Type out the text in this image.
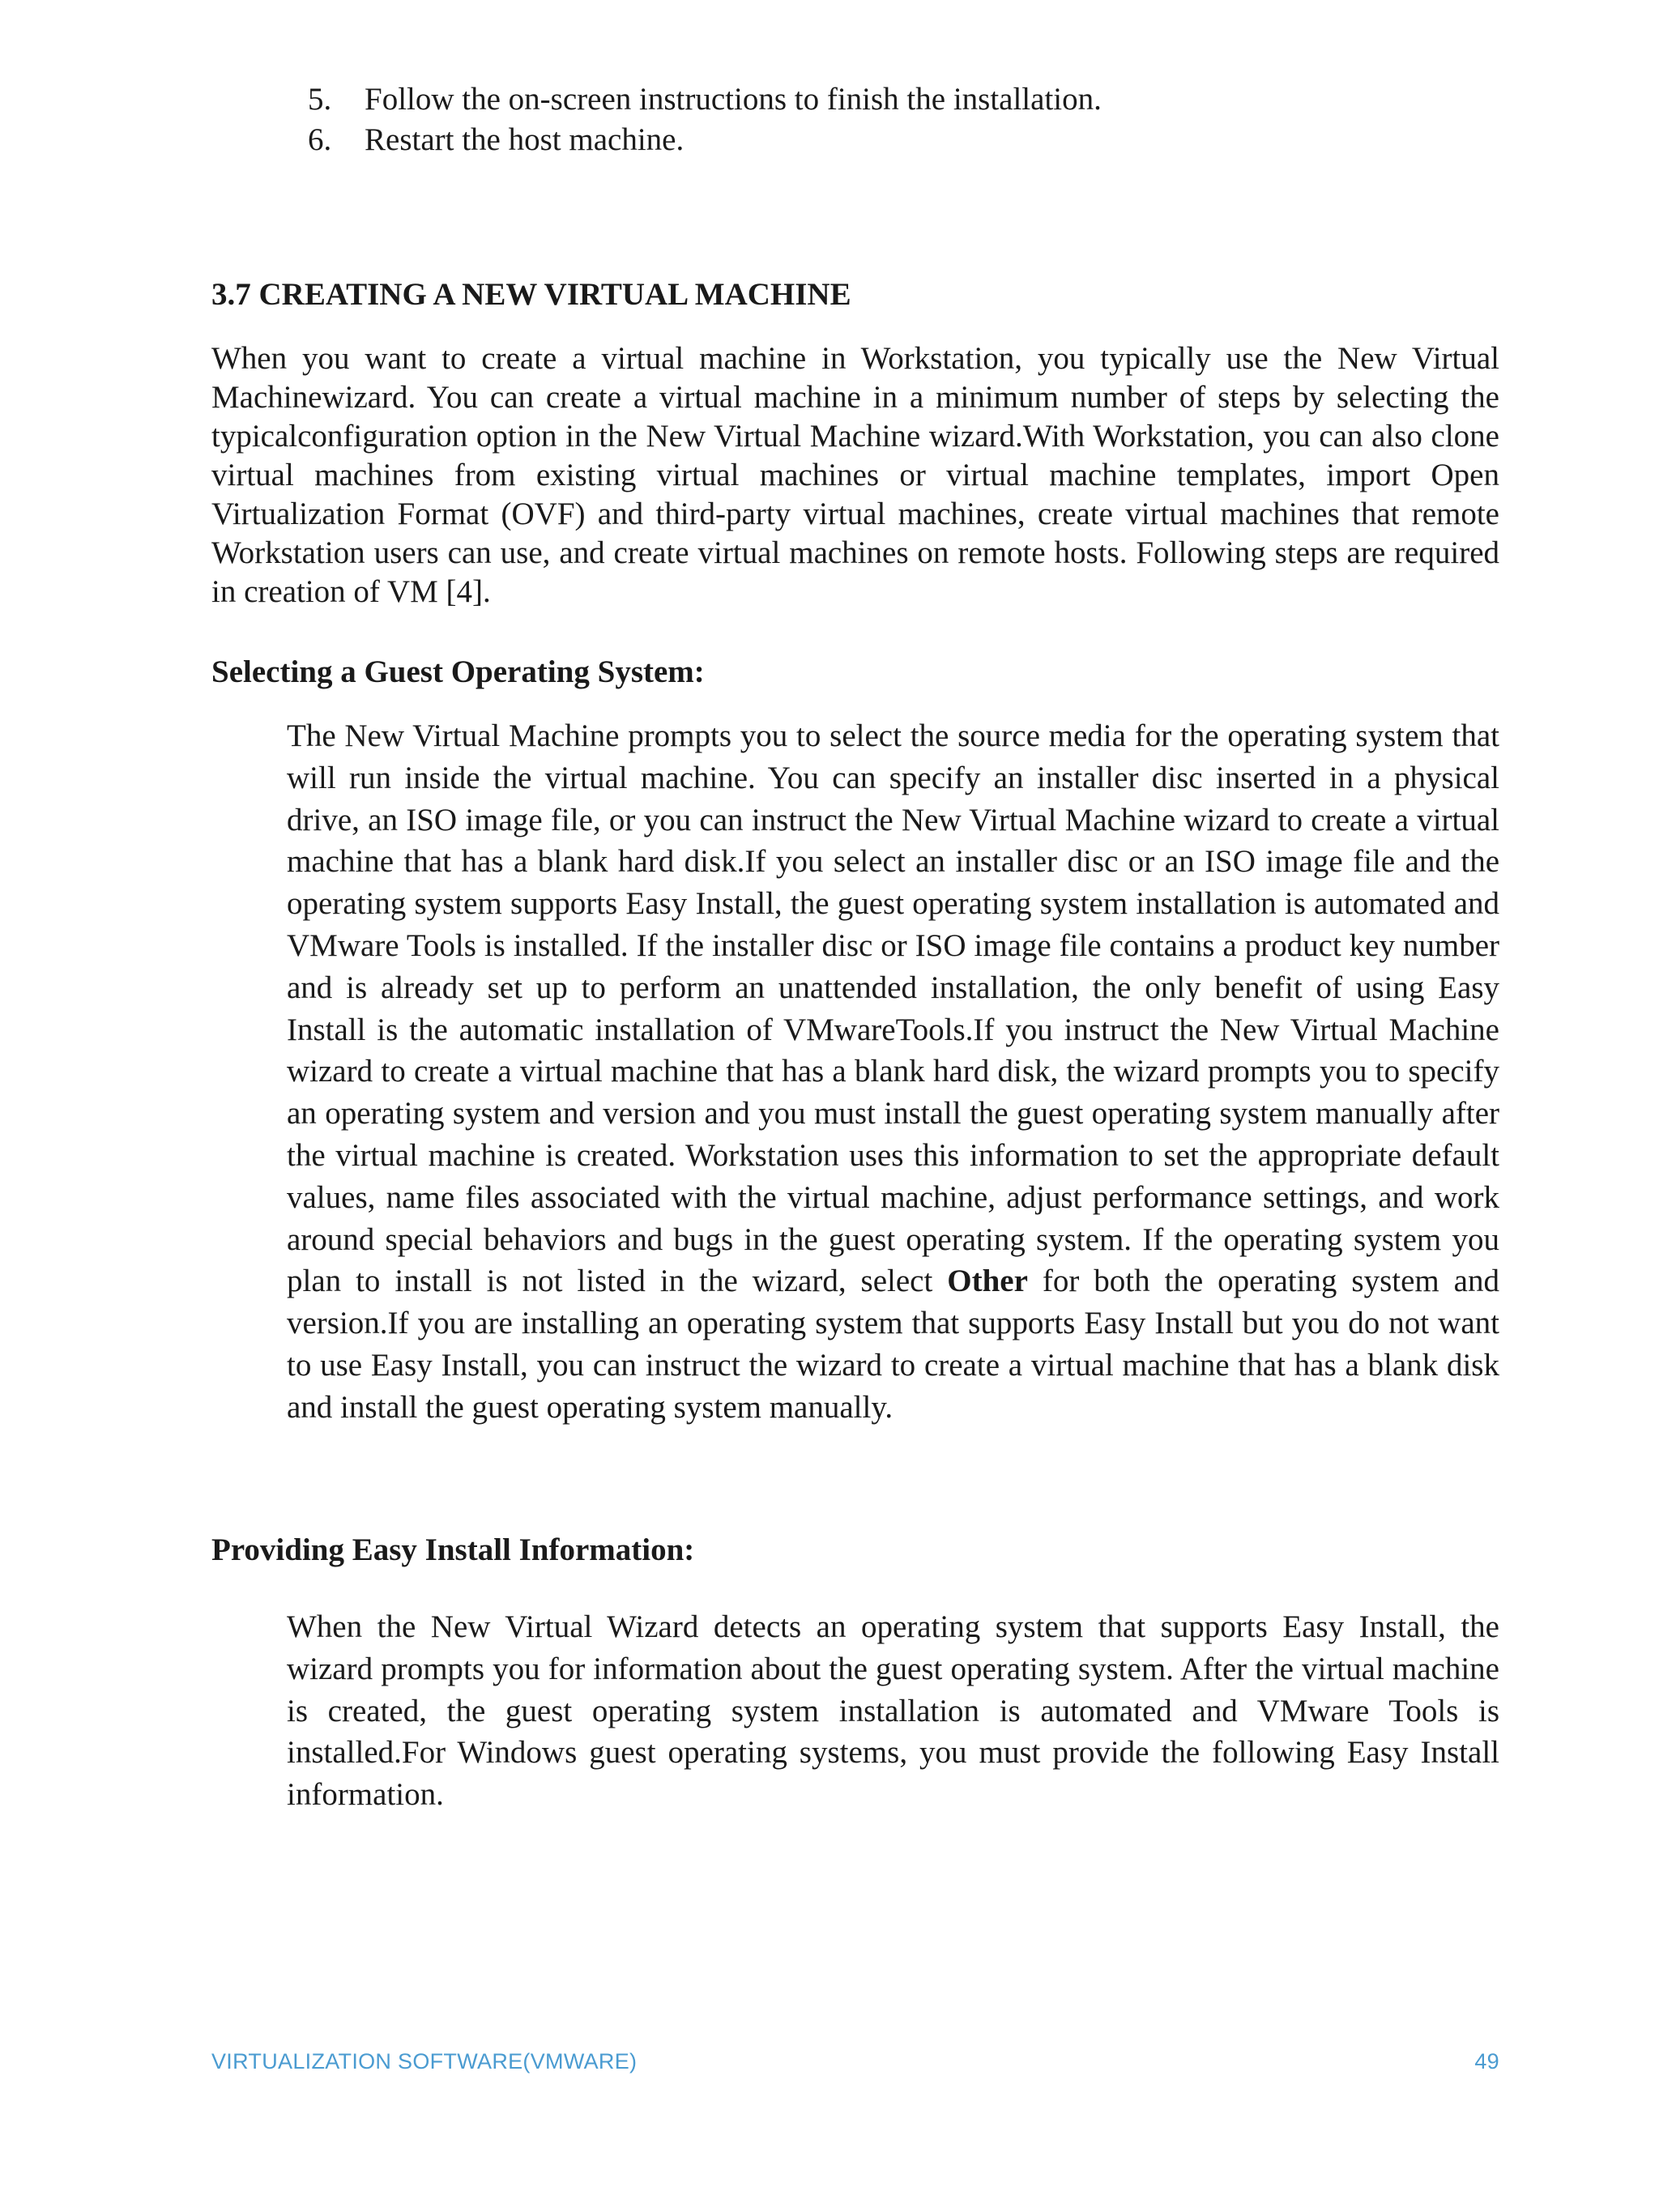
5. Follow the on-screen instructions to finish the installation.
6. Restart the host machine.
3.7 CREATING A NEW VIRTUAL MACHINE

When you want to create a virtual machine in Workstation, you typically use the New Virtual Machinewizard. You can create a virtual machine in a minimum number of steps by selecting the typicalconfiguration option in the New Virtual Machine wizard.With Workstation, you can also clone virtual machines from existing virtual machines or virtual machine templates, import Open Virtualization Format (OVF) and third-party virtual machines, create virtual machines that remote Workstation users can use, and create virtual machines on remote hosts. Following steps are required in creation of VM [4].

Selecting a Guest Operating System:

The New Virtual Machine prompts you to select the source media for the operating system that will run inside the virtual machine. You can specify an installer disc inserted in a physical drive, an ISO image file, or you can instruct the New Virtual Machine wizard to create a virtual machine that has a blank hard disk.If you select an installer disc or an ISO image file and the operating system supports Easy Install, the guest operating system installation is automated and VMware Tools is installed. If the installer disc or ISO image file contains a product key number and is already set up to perform an unattended installation, the only benefit of using Easy Install is the automatic installation of VMwareTools.If you instruct the New Virtual Machine wizard to create a virtual machine that has a blank hard disk, the wizard prompts you to specify an operating system and version and you must install the guest operating system manually after the virtual machine is created. Workstation uses this information to set the appropriate default values, name files associated with the virtual machine, adjust performance settings, and work around special behaviors and bugs in the guest operating system. If the operating system you plan to install is not listed in the wizard, select Other for both the operating system and version.If you are installing an operating system that supports Easy Install but you do not want to use Easy Install, you can instruct the wizard to create a virtual machine that has a blank disk and install the guest operating system manually.

Providing Easy Install Information:

When the New Virtual Wizard detects an operating system that supports Easy Install, the wizard prompts you for information about the guest operating system. After the virtual machine is created, the guest operating system installation is automated and VMware Tools is installed.For Windows guest operating systems, you must provide the following Easy Install information.

VIRTUALIZATION SOFTWARE(VMWARE)	49
